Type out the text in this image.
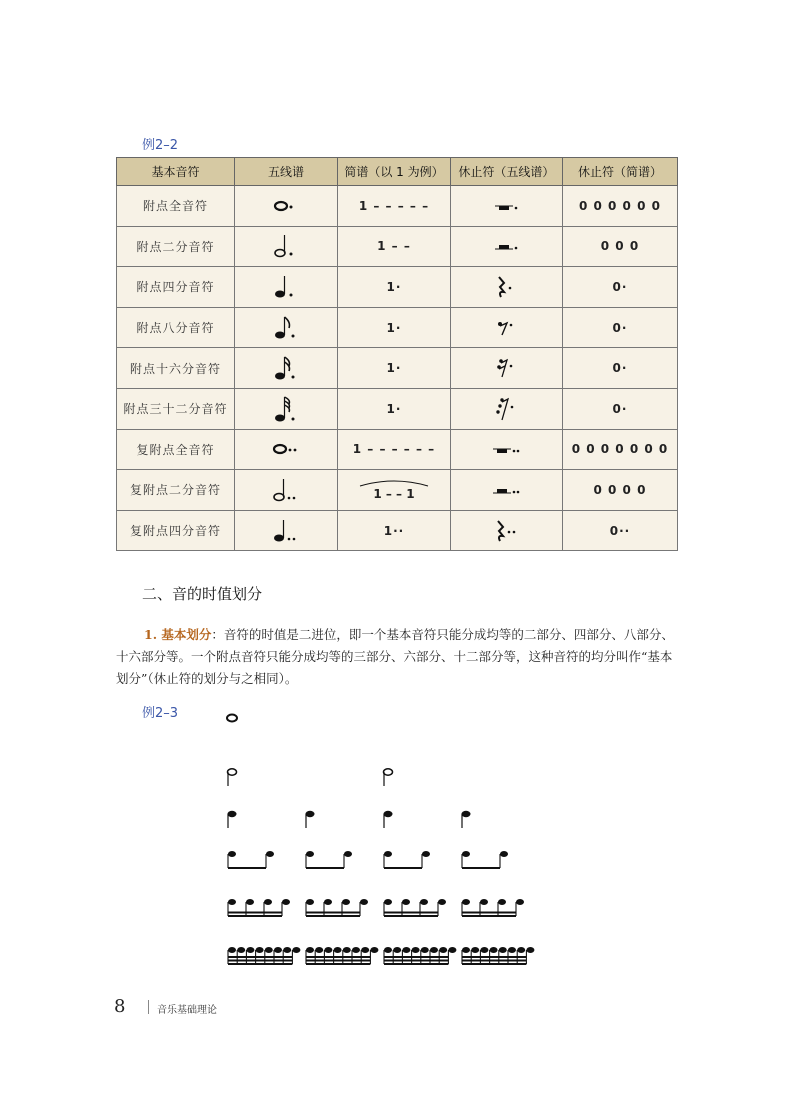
例2–2
基本音符	五线谱	简谱（以 1 为例）	休止符（五线谱）	休止符（简谱）
附点全音符		1 – – – – –		0 0 0 0 0 0
附点二分音符		1 – –		0 0 0
附点四分音符		1·		0·
附点八分音符		1·		0·
附点十六分音符		1·		0·
附点三十二分音符		1·		0·
复附点全音符		1 – – – – – –		0 0 0 0 0 0 0
复附点二分音符		1 – – 1		0 0 0 0
复附点四分音符		1··		0··
二、音的时值划分
1. 基本划分：音符的时值是二进位，即一个基本音符只能分成均等的二部分、四部分、八部分、十六部分等。一个附点音符只能分成均等的三部分、六部分、十二部分等，这种音符的均分叫作“基本划分”（休止符的划分与之相同）。
例2–3
8	音乐基础理论
